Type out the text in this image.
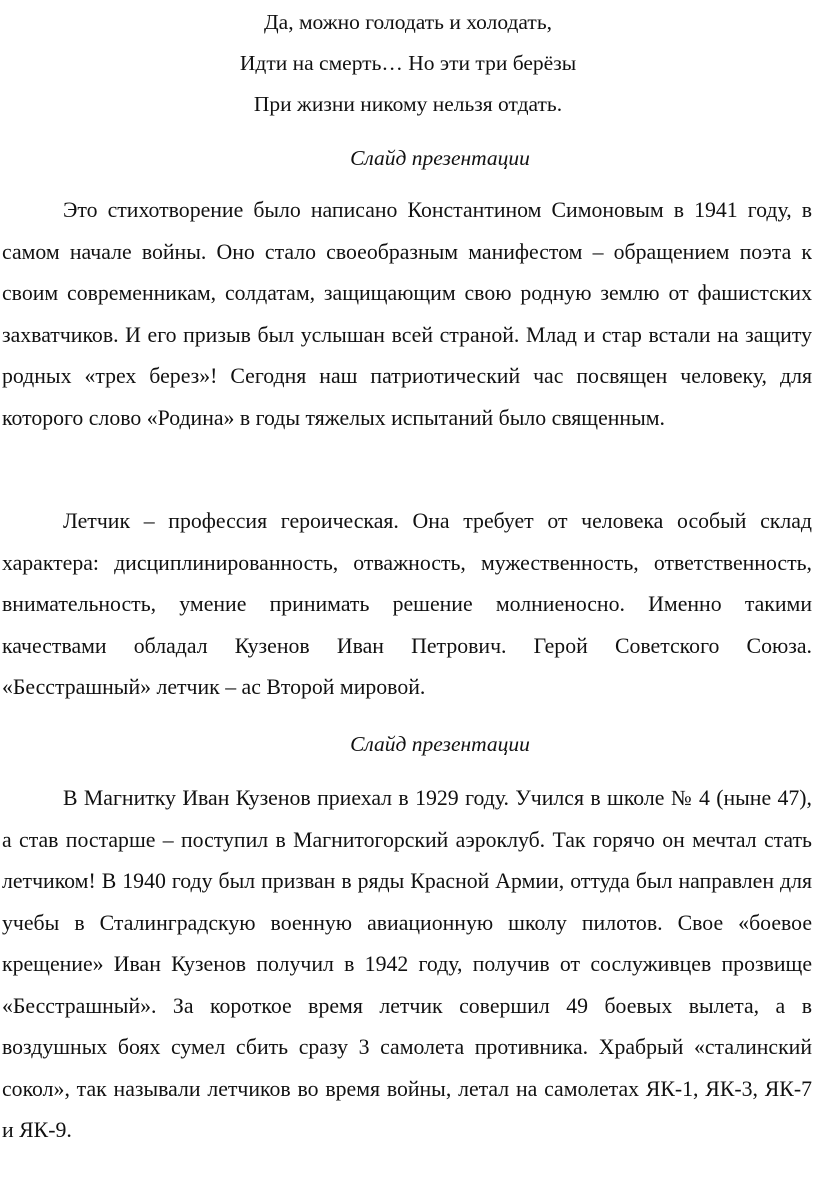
Да, можно голодать и холодать,
Идти на смерть… Но эти три берёзы
При жизни никому нельзя отдать.
Слайд презентации

Это стихотворение было написано Константином Симоновым в 1941 году, в самом начале войны. Оно стало своеобразным манифестом – обращением поэта к своим современникам, солдатам, защищающим свою родную землю от фашистских захватчиков. И его призыв был услышан всей страной. Млад и стар встали на защиту родных «трех берез»! Сегодня наш патриотический час посвящен человеку, для которого слово «Родина» в годы тяжелых испытаний было священным.

Летчик – профессия героическая. Она требует от человека особый склад характера: дисциплинированность, отважность, мужественность, ответственность, внимательность, умение принимать решение молниеносно. Именно такими качествами обладал Кузенов Иван Петрович. Герой Советского Союза. «Бесстрашный» летчик – ас Второй мировой.

Слайд презентации

В Магнитку Иван Кузенов приехал в 1929 году. Учился в школе № 4 (ныне 47), а став постарше – поступил в Магнитогорский аэроклуб. Так горячо он мечтал стать летчиком! В 1940 году был призван в ряды Красной Армии, оттуда был направлен для учебы в Сталинградскую военную авиационную школу пилотов. Свое «боевое крещение» Иван Кузенов получил в 1942 году, получив от сослуживцев прозвище «Бесстрашный». За короткое время летчик совершил 49 боевых вылета, а в воздушных боях сумел сбить сразу 3 самолета противника. Храбрый «сталинский сокол», так называли летчиков во время войны, летал на самолетах ЯК-1, ЯК-3, ЯК-7 и ЯК-9.
